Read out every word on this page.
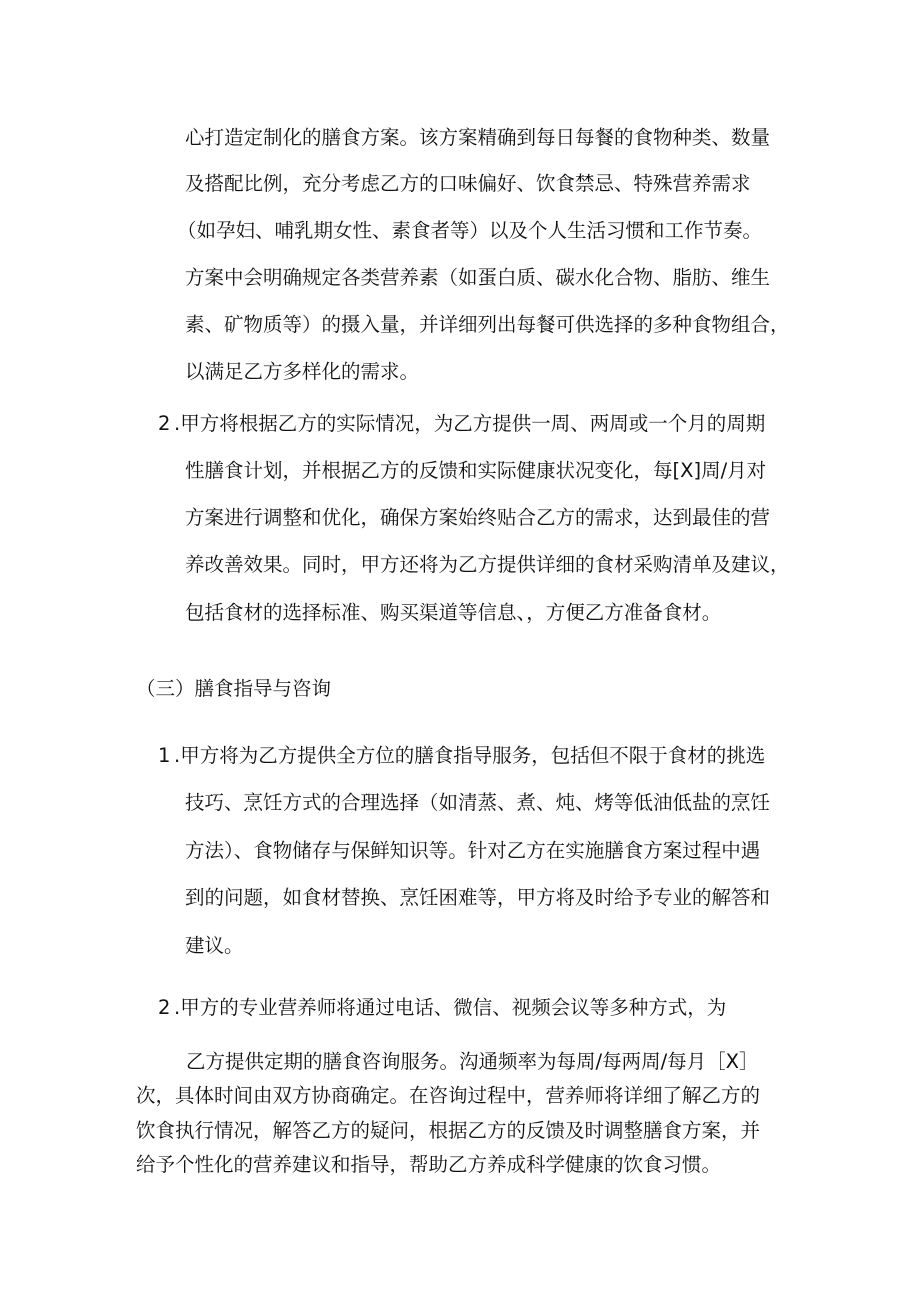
心打造定制化的膳食方案。该方案精确到每日每餐的食物种类、数量
及搭配比例，充分考虑乙方的口味偏好、饮食禁忌、特殊营养需求
（如孕妇、哺乳期女性、素食者等）以及个人生活习惯和工作节奏。
方案中会明确规定各类营养素（如蛋白质、碳水化合物、脂肪、维生
素、矿物质等）的摄入量，并详细列出每餐可供选择的多种食物组合，
以满足乙方多样化的需求。
2 .甲方将根据乙方的实际情况，为乙方提供一周、两周或一个月的周期
性膳食计划，并根据乙方的反馈和实际健康状况变化，每[X]周/月对
方案进行调整和优化，确保方案始终贴合乙方的需求，达到最佳的营
养改善效果。同时，甲方还将为乙方提供详细的食材采购清单及建议，
包括食材的选择标准、购买渠道等信息、，方便乙方准备食材。
（三）膳食指导与咨询
1 .甲方将为乙方提供全方位的膳食指导服务，包括但不限于食材的挑选
技巧、烹饪方式的合理选择（如清蒸、煮、炖、烤等低油低盐的烹饪
方法）、食物储存与保鲜知识等。针对乙方在实施膳食方案过程中遇
到的问题，如食材替换、烹饪困难等，甲方将及时给予专业的解答和
建议。
2 .甲方的专业营养师将通过电话、微信、视频会议等多种方式，为
乙方提供定期的膳食咨询服务。沟通频率为每周/每两周/每月［X］
次，具体时间由双方协商确定。在咨询过程中，营养师将详细了解乙方的
饮食执行情况，解答乙方的疑问，根据乙方的反馈及时调整膳食方案，并
给予个性化的营养建议和指导，帮助乙方养成科学健康的饮食习惯。
